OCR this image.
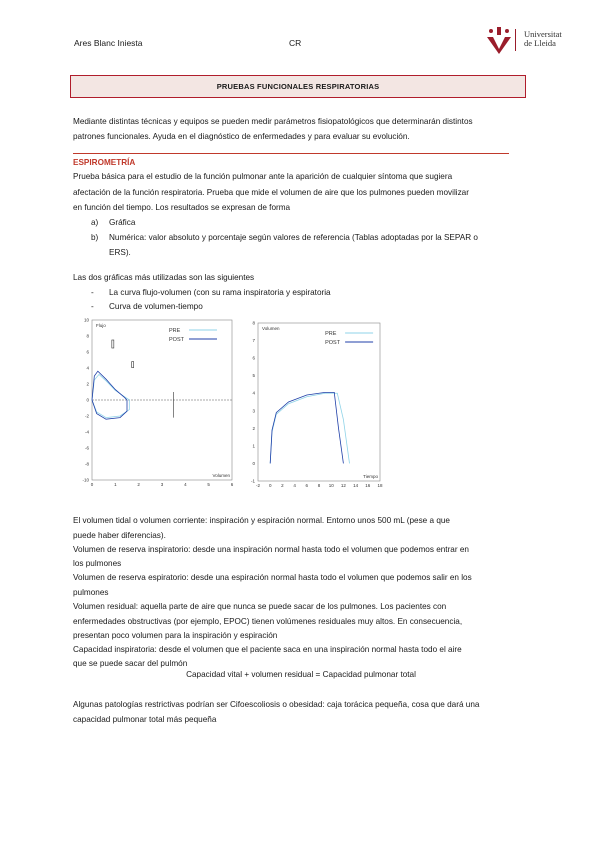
Ares Blanc Iniesta	CR
Universitat
de Lleida
PRUEBAS FUNCIONALES RESPIRATORIAS

Mediante distintas técnicas y equipos se pueden medir parámetros fisiopatológicos que determinarán distintos

patrones funcionales. Ayuda en el diagnóstico de enfermedades y para evaluar su evolución.

ESPIROMETRÍA

Prueba básica para el estudio de la función pulmonar ante la aparición de cualquier síntoma que sugiera

afectación de la función respiratoria. Prueba que mide el volumen de aire que los pulmones pueden movilizar

en función del tiempo. Los resultados se expresan de forma

a) Gráfica
b) Numérica: valor absoluto y porcentaje según valores de referencia (Tablas adoptadas por la SEPAR o
ERS).

Las dos gráficas más utilizadas son las siguientes

- La curva flujo-volumen (con su rama inspiratoria y espiratoria
- Curva de volumen-tiempo
10
8
6
4
2
0
-2
-4
-6
-8
-10
0	1	2	3	4	5	6
Flujo
Volumen
PRE
POST
8
7
6
5
4
3
2
1
0
-1
-2 0 2 4 6 8 10 12 14 16 18
Volumen
Tiempo
PRE
POST

El volumen tidal o volumen corriente: inspiración y espiración normal. Entorno unos 500 mL (pese a que

puede haber diferencias).

Volumen de reserva inspiratorio: desde una inspiración normal hasta todo el volumen que podemos entrar en

los pulmones

Volumen de reserva espiratorio: desde una espiración normal hasta todo el volumen que podemos salir en los

pulmones

Volumen residual: aquella parte de aire que nunca se puede sacar de los pulmones. Los pacientes con

enfermedades obstructivas (por ejemplo, EPOC) tienen volúmenes residuales muy altos. En consecuencia,

presentan poco volumen para la inspiración y espiración

Capacidad inspiratoria: desde el volumen que el paciente saca en una inspiración normal hasta todo el aire

que se puede sacar del pulmón

Capacidad vital + volumen residual = Capacidad pulmonar total

Algunas patologías restrictivas podrían ser Cifoescoliosis o obesidad: caja torácica pequeña, cosa que dará una

capacidad pulmonar total más pequeña
